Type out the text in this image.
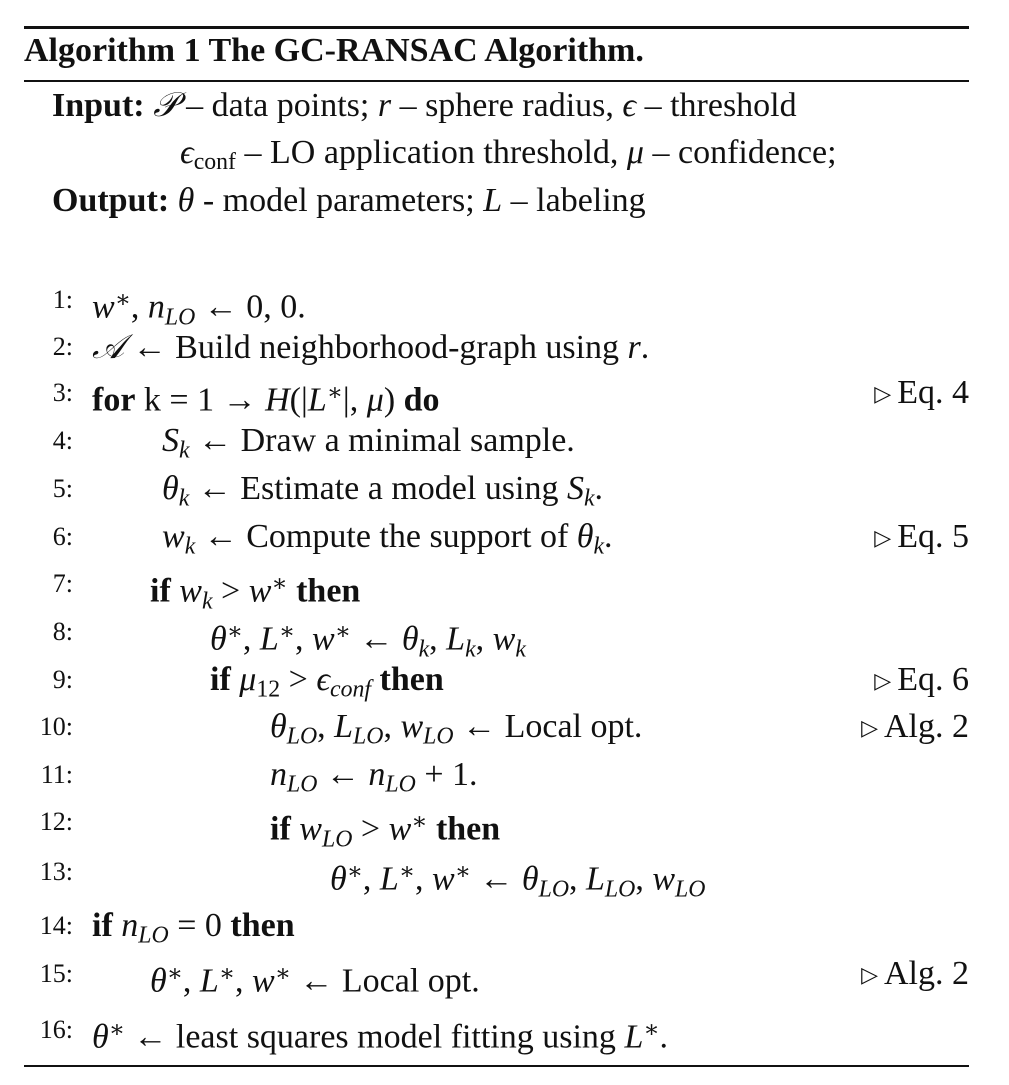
Algorithm 1 The GC-RANSAC Algorithm.
Input: 𝒫 – data points; r – sphere radius, ϵ – threshold
ϵconf – LO application threshold, μ – confidence;
Output: θ - model parameters; L – labeling
1: w∗, $n_{LO}$ ← 0, 0.
2: 𝒜 ← Build neighborhood-graph using r.
3: for k = 1 → H(|L∗|, μ) do	▷ Eq. 4
4:	$S_k$ ← Draw a minimal sample.
5:	$\theta_k$ ← Estimate a model using $S_k$.
6:	$w_k$ ← Compute the support of $\theta_k$.	▷ Eq. 5
7: if $w_k > w^∗$ then
8:	θ∗, L∗, w∗ ← $\theta_k$, $L_k$, $w_k$
9:	if $\mu_{12} > \epsilon_{conf}$ then	▷ Eq. 6
10:	$\theta_{LO}$, $L_{LO}$, $w_{LO}$ ← Local opt.	▷ Alg. 2
11:	$n_{LO}$ ← $n_{LO} + 1$.
12:	if $w_{LO} > w^∗$ then
13:	θ∗, L∗, w∗ ← $\theta_{LO}$, $L_{LO}$, $w_{LO}$
14: if $n_{LO} = 0$ then
15: θ∗, L∗, w∗ ← Local opt.	▷ Alg. 2
16: θ∗ ← least squares model fitting using L∗.
